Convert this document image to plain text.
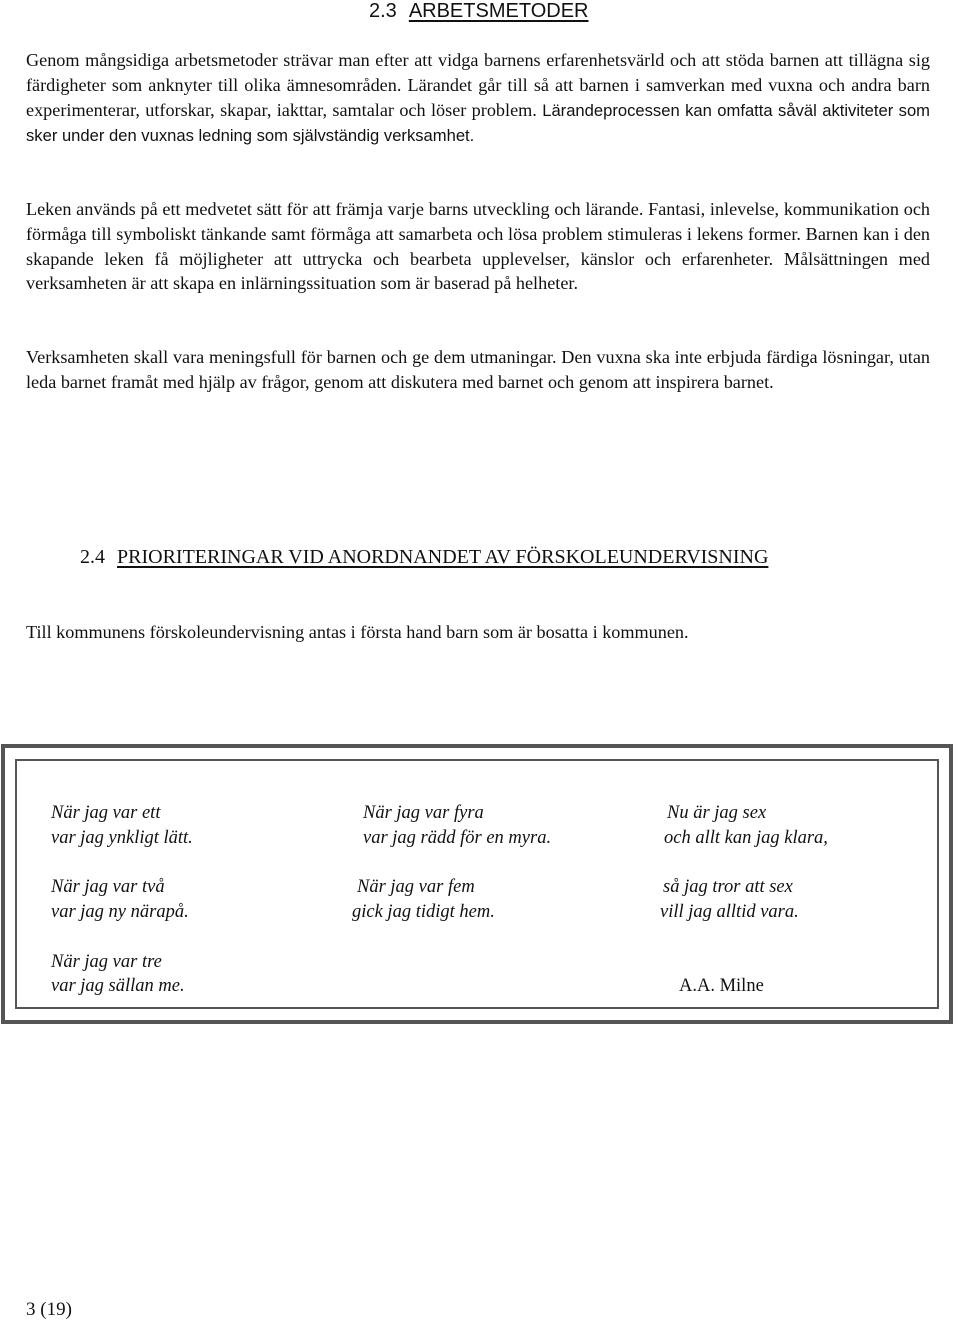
2.3 ARBETSMETODER

Genom mångsidiga arbetsmetoder strävar man efter att vidga barnens erfarenhetsvärld och att stöda barnen att tillägna sig färdigheter som anknyter till olika ämnesområden. Lärandet går till så att barnen i samverkan med vuxna och andra barn experimenterar, utforskar, skapar, iakttar, samtalar och löser problem. Lärandeprocessen kan omfatta såväl aktiviteter som sker under den vuxnas ledning som självständig verksamhet.

Leken används på ett medvetet sätt för att främja varje barns utveckling och lärande. Fantasi, inlevelse, kommunikation och förmåga till symboliskt tänkande samt förmåga att samarbeta och lösa problem stimuleras i lekens former. Barnen kan i den skapande leken få möjligheter att uttrycka och bearbeta upplevelser, känslor och erfarenheter. Målsättningen med verksamheten är att skapa en inlärningssituation som är baserad på helheter.

Verksamheten skall vara meningsfull för barnen och ge dem utmaningar. Den vuxna ska inte erbjuda färdiga lösningar, utan leda barnet framåt med hjälp av frågor, genom att diskutera med barnet och genom att inspirera barnet.

2.4 PRIORITERINGAR VID ANORDNANDET AV FÖRSKOLEUNDERVISNING

Till kommunens förskoleundervisning antas i första hand barn som är bosatta i kommunen.

När jag var ett

var jag ynkligt lätt.

När jag var två

var jag ny närapå.

När jag var tre

var jag sällan me.

När jag var fyra

var jag rädd för en myra.

När jag var fem

gick jag tidigt hem.

Nu är jag sex

och allt kan jag klara,

så jag tror att sex

vill jag alltid vara.

A.A. Milne

3 (19)
